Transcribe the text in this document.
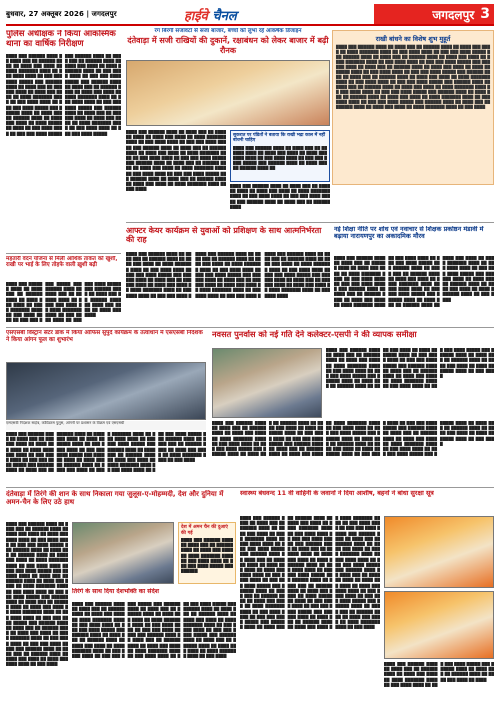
बुधवार, 27 अक्तूबर 2026 | जगदलपुर	हाईवे चैनल	जगदलपुर 3
पुलिस अधीक्षक ने किया आकस्मिक थाना का वार्षिक निरीक्षण
████ ███ ██████ ████ ██ ████ ███ ██ ██████ ████ ██ ████ ███ ████ ██ ████ ███████ ████ ██ ███ ████ ████ ██ ███ ███ ████ █████ ███ ██████ ████ ██ ████ ███ ██ ██████ ████ ██ ████ ███ ████ ██ ████ ███████ ████ ██ ███ ████ ████ ██ ███ ███ ████ █████ ███ ██████ ████ ██ ████ ███ ██ ██████ ████ ██ ████ ███ ████ ██ ████ ███████ ████ ██ ███ ████ ████ ██ ███ ███ ████ █████ ███ ██████ ████ ██ ████ ███ ██ ██████ ████ ██ ████ ███ ████ ██ ████ ███████ ████ ██ ███ ████ ████ ██ ███ ███ ████ █████ ███ ██████ ████ ██ ████ ███ ██ ██████ ████ ██ ████ ███ ████ ██ ████ ███████ ████ ██ ███ ████ ████ ██ ███ ███ ████ █████ ███ ██████ ████ ██ ████ ███ ██ ██████ ████ ██ ████ ███ ████ ██ ████ ███████ ████ ██ ███ ████ ████ ██ ███ ███ ████ █████
रंग बिरंगी सजावटों से सजा बाजार, बच्चों को लुभा रहे आकर्षक डिजाइन
दंतेवाड़ा में सजी राखियों की दुकानें, रक्षाबंधन को लेकर बाजार में बढ़ी रौनक
████ ███ ██████ ████ ██ ████ ███ ██ ██████ ████ ██ ████ ███ ████ ██ ████ ███████ ████ ██ ███ ████ ████ ██ ███ ███ ████ █████ ███ ██████ ████ ██ ████ ███ ██ ██████ ████ ██ ████ ███ ████ ██ ████ ███████ ████ ██ ███ ████ ████ ██ ███ ███ ████ █████ ███ ██████ ████ ██ ████ ███ ██ ██████ ████ ██ ████ ███ ████ ██ ████ ███████ ████ ██ ███ ████ ████ ██ ███ ███ ████ █████ ███ ██████ ████ ██ ████ ███ ██ ██████ ████ ██ ████ ███ ████ ██ ████ ███████ ████ ██ ███ ████
सुकरात पर पंडितों ने बताया कि राखी भद्रा काल में नहीं बांधनी चाहिए
████ ███ ██████ ████ ██ ████ ███ ██ ██████ ████ ██ ████ ███ ████ ██ ████ ███████ ████ ██ ███ ████ ████ ██ ███ ███ ████ █████ ███ ██████ ████ ██ ████ ███ ██ ██████ ████ ██
████ ███ ██████ ████ ██ ████ ███ ██ ██████ ████ ██ ████ ███ ████ ██ ████ ███████ ████ ██ ███ ████ ████ ██ ███ ███ ████ █████ ███ ██████ ████ ██ ████ ███ ██ ██████ ████
राखी बांधने का विशेष शुभ मुहूर्त
████ ███ ██████ ████ ██ ████ ███ ██ ██████ ████ ██ ████ ███ ████ ██ ████ ███████ ████ ██ ███ ████ ████ ██ ███ ███ ████ █████ ███ ██████ ████ ██ ████ ███ ██ ██████ ████ ██ ████ ███ ████ ██ ████ ███████ ████ ██ ███ ████ ████ ██ ███ ███ ████ █████ ███ ██████ ████ ██ ████ ███ ██ ██████ ████ ██ ████ ███ ████ ██ ████ ███████ ████ ██ ███ ████ ████ ██ ███ ███ ████ █████ ███ ██████ ████ ██ ████ ███ ██ ██████ ████ ██ ████ ███ ████ ██ ████ ███████ ████ ██ ███ ████ ████ ██ ███ ███ ████ █████ ███ ██████ ████ ██ ████ ███ ██ ██████ ████ ██ ████ ███ ████ ██ ████ ███████ ████ ██ ███ ████ ████ ██ ███ ███ ████ █████ ███ ██████ ████ ██ ████ ███ ██ ██████ ████ ██ ████ ███ ████ ██ ████ ███████ ████ ██ ███ ████ ████ ██ ███ ███ ████ █████ ███ ██████ ████ ██ ████ ███ ██ ██████ ████ ██ ████ ███ ████ ██ ████ ███████ ████ ██ ███ ████
महतारी वंदन योजना से मिली आर्थिक ताकत को खुशी, राखी पर भाई के लिए तोहफे वाली ख़ुशी बढ़ी
████ ███ ██████ ████ ██ ████ ███ ██ ██████ ████ ██ ████ ███ ████ ██ ████ ███████ ████ ██ ███ ████ ████ ██ ███ ███ ████ █████ ███ ██████ ████ ██ ████ ███ ██ ██████ ████ ██ ████ ███ ████ ██ ████ ███████ ████ ██ ███ ████ ████ ██ ███ ███ ████ █████ ███ ██████ ████ ██ ████ ███ ██ ██████ ████ ██ ████ ███ ████ ██ ████ ███████
आफ्टर केयर कार्यक्रम से युवाओं को प्रशिक्षण के साथ आत्मनिर्भरता की राह
████ ███ ██████ ████ ██ ████ ███ ██ ██████ ████ ██ ████ ███ ████ ██ ████ ███████ ████ ██ ███ ████ ████ ██ ███ ███ ████ █████ ███ ██████ ████ ██ ████ ███ ██ ██████ ████ ██ ████ ███ ████ ██ ████ ███████ ████ ██ ███ ████ ████ ██ ███ ███ ████ █████ ███ ██████ ████ ██ ████ ███ ██ ██████ ████ ██ ████ ███ ████ ██ ████ ███████ ████ ██ ███ ████ ████ ██ ███ ███ ████ █████ ███ ██████ ████ ██ ████ ███ ██ ██████ ████ ██ ████ ███ ████ ██ ████ ███████ ████ ██ ███ ████ ████ ██ ███ ███ ████ █████ ███ ██████ ████ ██ ████ ███ ██ ██████ ████ ██ ████ ███ ████ ██ ████ ███████ ████ ██ ███ ████ ████ ██ ███ ███ ████ █████ ███ ██████ ████ ██ ████ ███ ██ ██████ ████ ██ ████ ███ ████ ██ ████ ███████ ████ ██ ███ ████ ████
नई शिक्षा नीति पर शोध एवं नवाचार से शिक्षक प्रकोष्ठन मंडावी में बढ़ाया नारायणपुर का अकादमिक मौरव
████ ███ ██████ ████ ██ ████ ███ ██ ██████ ████ ██ ████ ███ ████ ██ ████ ███████ ████ ██ ███ ████ ████ ██ ███ ███ ████ █████ ███ ██████ ████ ██ ████ ███ ██ ██████ ████ ██ ████ ███ ████ ██ ████ ███████ ████ ██ ███ ████ ████ ██ ███ ███ ████ █████ ███ ██████ ████ ██ ████ ███ ██ ██████ ████ ██ ████ ███ ████ ██ ████ ███████ ████ ██ ███ ████ ████ ██ ███ ███ ████ █████ ███ ██████ ████ ██ ████ ███ ██ ██████ ████ ██ ████ ███ ████ ██ ████ ███████ ████ ██ ███ ████ ████ ██ ███ ███ ████ █████ ███ ██████ ████ ██ ████ ███ ██ ██████ ████ ██ ████ ███ ████ ██ ████ ███████ ████ ██ ███ ████
एसएसबी विस्ट्रान सेंटर डाक में किया ऑफिस सुपुर्द कार्यक्रम के तत्वाधान में एसएसबी निदेशक ने किया आंगन फूल का शुभारंभ
एसएसबी निदेशक साहेब, कोविडरस पुलुस, आंगनी पर प्रशासन के विक्रम एवं एसएसबी
████ ███ ██████ ████ ██ ████ ███ ██ ██████ ████ ██ ████ ███ ████ ██ ████ ███████ ████ ██ ███ ████ ████ ██ ███ ███ ████ █████ ███ ██████ ████ ██ ████ ███ ██ ██████ ████ ██ ████ ███ ████ ██ ████ ███████ ████ ██ ███ ████ ████ ██ ███ ███ ████ █████ ███ ██████ ████ ██ ████ ███ ██ ██████ ████ ██ ████ ███ ████ ██ ████ ███████ ████ ██ ███ ████ ████ ██ ███ ███ ████ █████ ███ ██████ ████ ██ ████ ███ ██ ██████ ████ ██ ████ ███ ████ ██ ████ ███████ ████ ██ ███ ████ ████ ██ ███ ███ ████ █████ ███ ██████ ████ ██ ████ ███ ██ ██████ ████ ██ ████ ███ ████ ██ ████ ███████ ████ ██ ███ ████
नवसत पुनर्वास को नई गति देने कलेक्टर-एसपी ने की व्यापक समीक्षा
████ ███ ██████ ████ ██ ████ ███ ██ ██████ ████ ██ ████ ███ ████ ██ ████ ███████ ████ ██ ███ ████ ████ ██ ███ ███ ████ █████ ███ ██████ ████ ██ ████ ███ ██ ██████ ████ ██ ████ ███ ████ ██ ████ ███████ ████ ██ ███ ████ ████ ██ ███ ███ ████ █████ ███ ██████ ████ ██ ████ ███ ██ ██████ ████ ██ ████ ███ ████ ██ ████ ███████ ████ ██ ███ ████ ████ ██ ███ ███ ████ █████ ███ ██████ ████ ██ ████ ███ ██ ██████ ████ ██ ████ ███ ████ ██ ████ ███████ ████ ██ ███ ████
████ ███ ██████ ████ ██ ████ ███ ██ ██████ ████ ██ ████ ███ ████ ██ ████ ███████ ████ ██ ███ ████ ████ ██ ███ ███ ████ █████ ███ ██████ ████ ██ ████ ███ ██ ██████ ████ ██ ████ ███ ████ ██ ████ ███████ ████ ██ ███ ████ ████ ██ ███ ███ ████ █████ ███ ██████ ████ ██ ████ ███ ██ ██████ ████ ██ ████ ███ ████ ██ ████ ███████ ████ ██ ███ ████ ████ ██ ███ ███ ████ █████ ███ ██████ ████ ██ ████ ███ ██ ██████ ████ ██ ████ ███ ████ ██ ████ ███████ ████ ██ ███ ████ ████ ██ ███ ███ ████ █████ ███ ██████ ████ ██ ████ ███ ██ ██████ ████ ██ ████ ███ ████ ██ ████ ███████ ████ ██ ███ ████ ████ ██ ███ ███ ████ █████ ███ ██████ ████ ██ ████ ███ ██ ██████ ████ ██ ████ ███ ████ ██ ████ ███████ ████ ██ ███ ████
दंतेवाड़ा में तिरंगे की शान के साथ निकाला गया जुलूस-ए-मोहम्मदी, देश और दुनिया में अमन-चैन के लिए उठे हाथ
████ ███ ██████ ████ ██ ████ ███ ██ ██████ ████ ██ ████ ███ ████ ██ ████ ███████ ████ ██ ███ ████ ████ ██ ███ ███ ████ █████ ███ ██████ ████ ██ ████ ███ ██ ██████ ████ ██ ████ ███ ████ ██ ████ ███████ ████ ██ ███ ████ ████ ██ ███ ███ ████ █████ ███ ██████ ████ ██ ████ ███ ██ ██████ ████ ██ ████ ███ ████ ██ ████ ███████ ████ ██ ███ ████ ████ ██ ███ ███ ████ █████ ███ ██████ ████ ██ ████ ███ ██ ██████ ████ ██ ████ ███ ████ ██ ████ ███████ ████ ██ ███ ████ ████ ██ ███ ███ ████ █████ ███ ██████ ████ ██ ████ ███ ██ ██████ ████ ██ ████ ███ ████ ██ ████ ███████ ████ ██ ███ ████ ████ ██ ███ ███ ████ █████ ███ ██████ ████ ██ ████ ███ ██ ██████ ████ ██ ████ ███ ████ ██ ████ ███████ ████ ██ ███ ████
देश में अमन चैन की दुआएं की गई
████ ███ ██████ ████ ██ ████ ███ ██ ██████ ████ ██ ████ ███ ████ ██ ████ ███████ ████ ██ ███ ████ ████ ██ ███ ███ ████ █████ ███ ██████
तिरंगे के साथ दिया देशभक्ति का संदेश
████ ███ ██████ ████ ██ ████ ███ ██ ██████ ████ ██ ████ ███ ████ ██ ████ ███████ ████ ██ ███ ████ ████ ██ ███ ███ ████ █████ ███ ██████ ████ ██ ████ ███ ██ ██████ ████ ██ ████ ███ ████ ██ ████ ███████ ████ ██ ███ ████ ████ ██ ███ ███ ████ █████ ███ ██████ ████ ██ ████ ███ ██ ██████ ████ ██ ████ ███ ████ ██ ████ ███████ ████ ██ ███ ████ ████ ██ ███ ███ ████ █████ ███ ██████ ████ ██ ████ ███ ██ ██████ ████ ██ ████ ███ ████ ██ ████ ███████ ████ ██ ███ ████ ████ ██ ███ ███ ████ █████ ███ ██████ ████ ██ ████ ███ ██ ██████ ████ ██ ████ ███ ████ ██ ████ ███████ ████ ██ ███ ████ ████ ██ ███ ███ ████ █████ ███ ██████ ████ ██ ████ ███ ██ ██████ ████ ██ ████ ███ ████ ██ ████ ███████ ████ ██ ███ ████
स्वास्थ्य बंधवन्द 11 वीं वाहिनी के जवानों ने दिया आशीष, बहनों ने बांधा सुरक्षा सूत्र
████ ███ ██████ ████ ██ ████ ███ ██ ██████ ████ ██ ████ ███ ████ ██ ████ ███████ ████ ██ ███ ████ ████ ██ ███ ███ ████ █████ ███ ██████ ████ ██ ████ ███ ██ ██████ ████ ██ ████ ███ ████ ██ ████ ███████ ████ ██ ███ ████ ████ ██ ███ ███ ████ █████ ███ ██████ ████ ██ ████ ███ ██ ██████ ████ ██ ████ ███ ████ ██ ████ ███████ ████ ██ ███ ████ ████ ██ ███ ███ ████ █████ ███ ██████ ████ ██ ████ ███ ██ ██████ ████ ██ ████ ███ ████ ██ ████ ███████ ████ ██ ███ ████ ████ ██ ███ ███ ████ █████ ███ ██████ ████ ██ ████ ███ ██ ██████ ████ ██ ████ ███ ████ ██ ████ ███████ ████ ██ ███ ████ ████ ██ ███ ███ ████ █████ ███ ██████ ████ ██ ████ ███ ██ ██████ ████ ██ ████ ███ ████ ██ ████ ███████ ████ ██ ███ ████ ████ ██ ███ ███ ████ █████ ███ ██████ ████ ██ ████ ███ ██ ██████ ████ ██ ████ ███ ████ ██ ████ ███████ ████ ██ ███ ████ ████ ██ ███ ███ ████ █████ ███ ██████ ████ ██ ████ ███ ██ ██████ ████ ██ ████ ███ ████ ██ ████ ███████ ████ ██ ███ ████ ████ ██ ███ ███ ████ █████ ███ ██████ ████ ██ ████ ███ ██ ██████ ████ ██ ████ ███ ████ ██ ████ ███████ ████ ██ ███ ████ ████ ██ ███ ███ ████ █████ ███ ██████ ████ ██ ████ ███ ██ ██████ ████ ██ ████ ███ ████ ██ ████ ███████ ████ ██ ███ ████
████ ███ ██████ ████ ██ ████ ███ ██ ██████ ████ ██ ████ ███ ████ ██ ████ ███████ ████ ██ ███ ████ ████ ██ ███ ███ ████ █████ ███ ██████ ████ ██ ████ ███ ██ ██████ ████ ██ ████ ███ ████ ██ ████
